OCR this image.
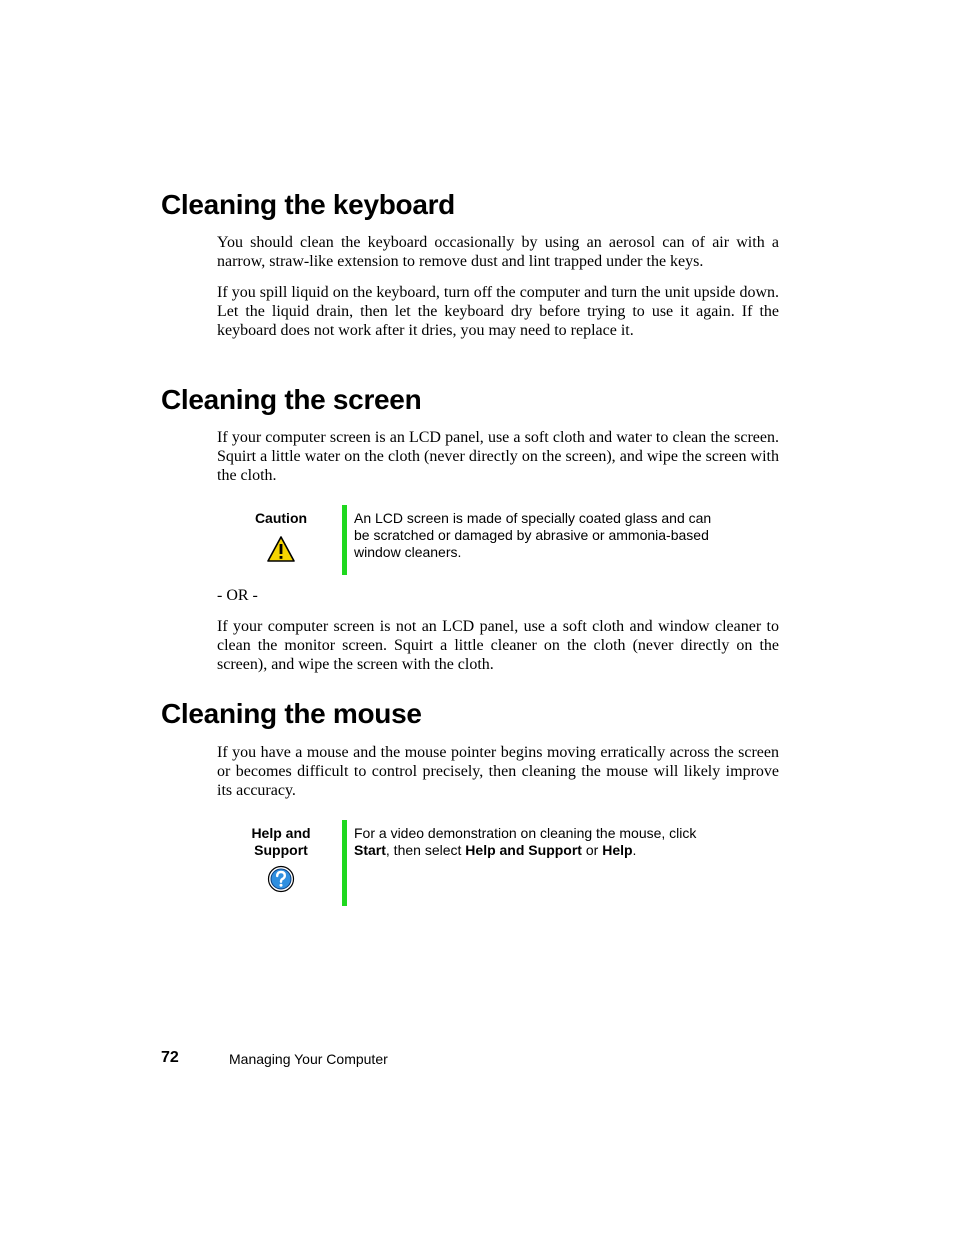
Cleaning the keyboard

You should clean the keyboard occasionally by using an aerosol can of air with a narrow, straw-like extension to remove dust and lint trapped under the keys.

If you spill liquid on the keyboard, turn off the computer and turn the unit upside down. Let the liquid drain, then let the keyboard dry before trying to use it again. If the keyboard does not work after it dries, you may need to replace it.

Cleaning the screen

If your computer screen is an LCD panel, use a soft cloth and water to clean the screen. Squirt a little water on the cloth (never directly on the screen), and wipe the screen with the cloth.

Caution	An LCD screen is made of specially coated glass and can be scratched or damaged by abrasive or ammonia-based window cleaners.

- OR -

If your computer screen is not an LCD panel, use a soft cloth and window cleaner to clean the monitor screen. Squirt a little cleaner on the cloth (never directly on the screen), and wipe the screen with the cloth.

Cleaning the mouse

If you have a mouse and the mouse pointer begins moving erratically across the screen or becomes difficult to control precisely, then cleaning the mouse will likely improve its accuracy.

Help and
Support
For a video demonstration on cleaning the mouse, click
Start, then select Help and Support or Help.
72	Managing Your Computer
